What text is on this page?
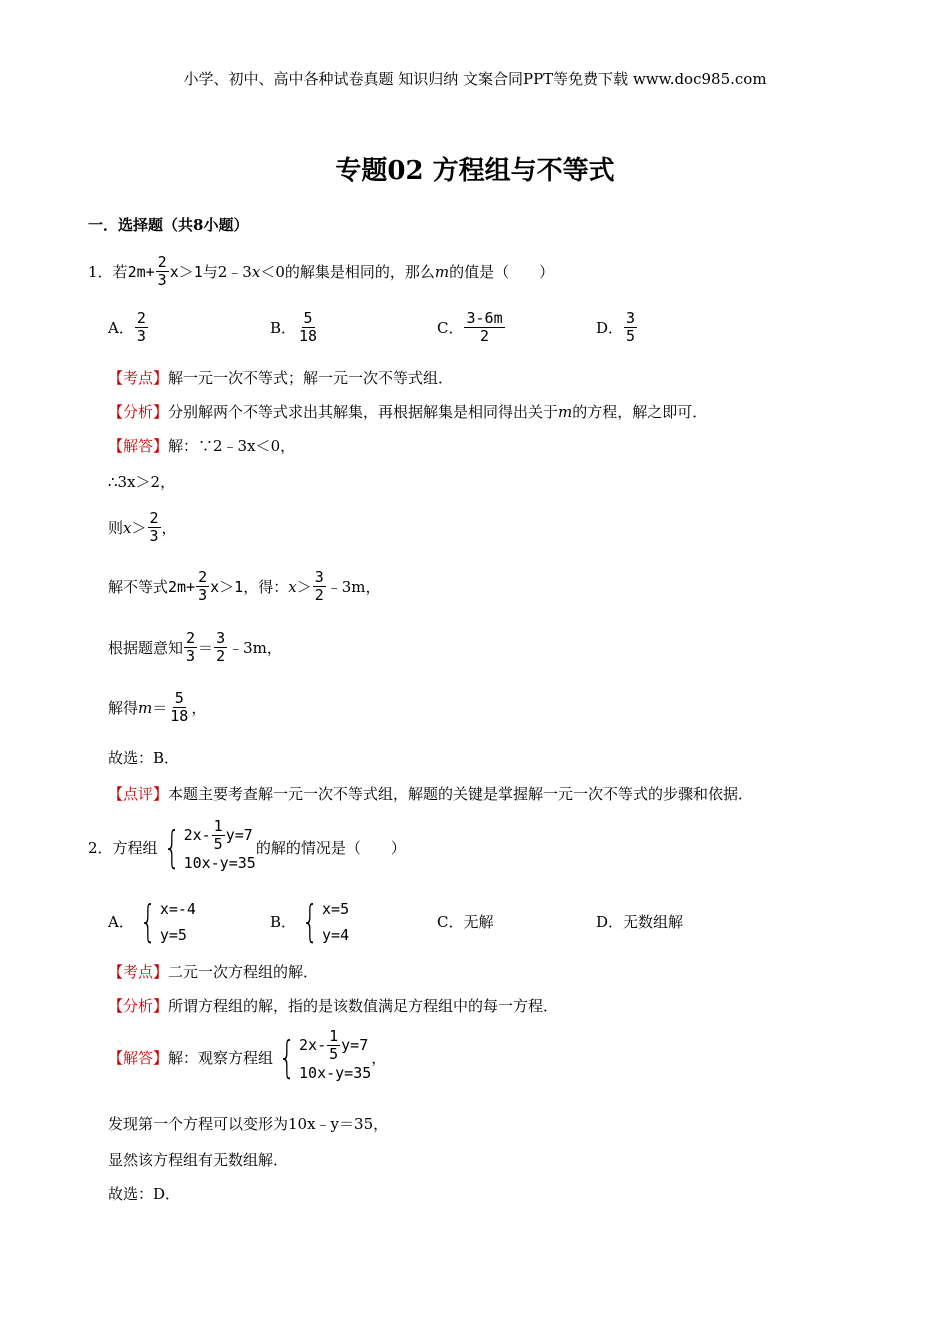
小学、初中、高中各种试卷真题 知识归纳 文案合同PPT等免费下载 www.doc985.com
专题02 方程组与不等式
一．选择题（共8小题）
1． 若 $2m+ \frac{2}{3} x>1$ 与2﹣3 x ＜0的解集是相同的，那么 m 的值是（　　）
A． $\frac{2}{3}$	B． $\frac{5}{18}$	C． $\frac{3-6m}{2}$	D． $\frac{3}{5}$
【考点】解一元一次不等式；解一元一次不等式组．
【分析】分别解两个不等式求出其解集，再根据解集是相同得出关于m的方程，解之即可．
【解答】解：∵2﹣3x＜0，
∴3x＞2，
则 $x > \frac{2}{3}$ ，
解不等式 $2m+ \frac{2}{3} x>1$ ，得： $x > \frac{3}{2}$ ﹣3m，
根据题意知 $\frac{2}{3} = \frac{3}{2}$ ﹣3m，
解得 $m = \frac{5}{18}$ ，
故选：B．
【点评】本题主要考查解一元一次不等式组，解题的关键是掌握解一元一次不等式的步骤和依据．
2． 方程组 { $2x- \frac{1}{5} y=7$
10x-y=35
的解的情况是（　　）
A． { x=-4
y=5
B． { x=5
y=4
C．无解	D．无数组解
【考点】二元一次方程组的解．
【分析】所谓方程组的解，指的是该数值满足方程组中的每一方程．
【解答】 解：观察方程组 { $2x- \frac{1}{5} y=7$
10x-y=35
，
发现第一个方程可以变形为10x﹣y＝35，
显然该方程组有无数组解．
故选：D．
